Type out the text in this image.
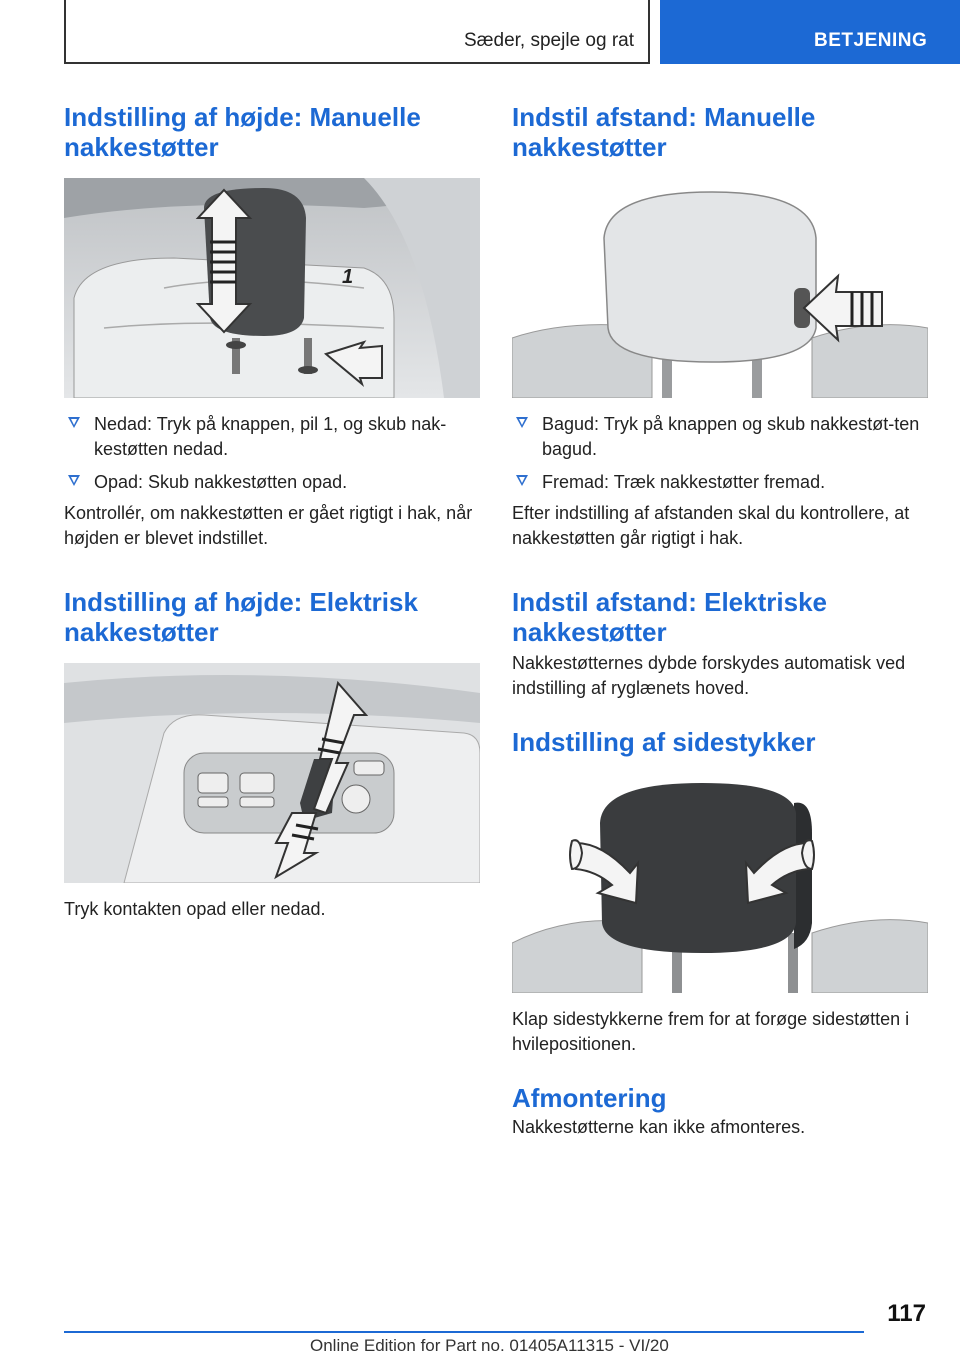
Sæder, spejle og rat	BETJENING
Indstilling af højde: Manuelle nakkestøtter
1
Nedad: Tryk på knappen, pil 1, og skub nak-kestøtten nedad.
Opad: Skub nakkestøtten opad.

Kontrollér, om nakkestøtten er gået rigtigt i hak, når højden er blevet indstillet.

Indstilling af højde: Elektrisk nakkestøtter

Tryk kontakten opad eller nedad.

Indstil afstand: Manuelle nakkestøtter
Bagud: Tryk på knappen og skub nakkestøt-ten bagud.
Fremad: Træk nakkestøtter fremad.

Efter indstilling af afstanden skal du kontrollere, at nakkestøtten går rigtigt i hak.

Indstil afstand: Elektriske nakkestøtter

Nakkestøtternes dybde forskydes automatisk ved indstilling af ryglænets hoved.

Indstilling af sidestykker

Klap sidestykkerne frem for at forøge sidestøtten i hvilepositionen.

Afmontering

Nakkestøtterne kan ikke afmonteres.

117
Online Edition for Part no. 01405A11315 - VI/20
